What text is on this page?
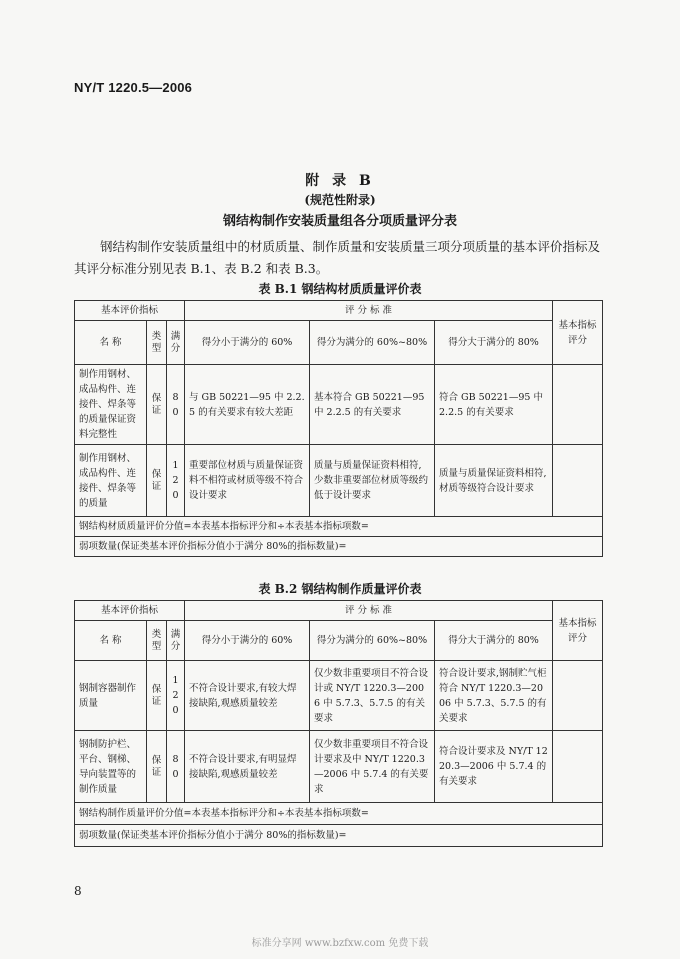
NY/T 1220.5—2006
附 录 B
(规范性附录)
钢结构制作安装质量组各分项质量评分表
钢结构制作安装质量组中的材质质量、制作质量和安装质量三项分项质量的基本评价指标及其评分标准分别见表 B.1、表 B.2 和表 B.3。
表 B.1 钢结构材质质量评价表
基本评价指标			评 分 标 准			基本指标评分
名 称	类型	满分	得分小于满分的 60%	得分为满分的 60%~80%	得分大于满分的 80%	
制作用钢材、成品构件、连接件、焊条等的质量保证资料完整性	保证	80	与 GB 50221—95 中 2.2.5 的有关要求有较大差距	基本符合 GB 50221—95 中 2.2.5 的有关要求	符合 GB 50221—95 中 2.2.5 的有关要求	
制作用钢材、成品构件、连接件、焊条等的质量	保证	120	重要部位材质与质量保证资料不相符或材质等级不符合设计要求	质量与质量保证资料相符,少数非重要部位材质等级约低于设计要求	质量与质量保证资料相符,材质等级符合设计要求	
钢结构材质质量评价分值=本表基本指标评分和÷本表基本指标项数=						
弱项数量(保证类基本评价指标分值小于满分 80%的指标数量)=						
表 B.2 钢结构制作质量评价表
基本评价指标			评 分 标 准			基本指标评分
名 称	类型	满分	得分小于满分的 60%	得分为满分的 60%~80%	得分大于满分的 80%	
钢制容器制作质量	保证	120	不符合设计要求,有较大焊接缺陷,观感质量较差	仅少数非重要项目不符合设计或 NY/T 1220.3—2006 中 5.7.3、5.7.5 的有关要求	符合设计要求,钢制贮气柜符合 NY/T 1220.3—2006 中 5.7.3、5.7.5 的有关要求	
钢制防护栏、平台、钢梯、导向装置等的制作质量	保证	80	不符合设计要求,有明显焊接缺陷,观感质量较差	仅少数非重要项目不符合设计要求及中 NY/T 1220.3—2006 中 5.7.4 的有关要求	符合设计要求及 NY/T 1220.3—2006 中 5.7.4 的有关要求	
钢结构制作质量评价分值=本表基本指标评分和÷本表基本指标项数=						
弱项数量(保证类基本评价指标分值小于满分 80%的指标数量)=						
8
标准分享网 www.bzfxw.com 免费下载
